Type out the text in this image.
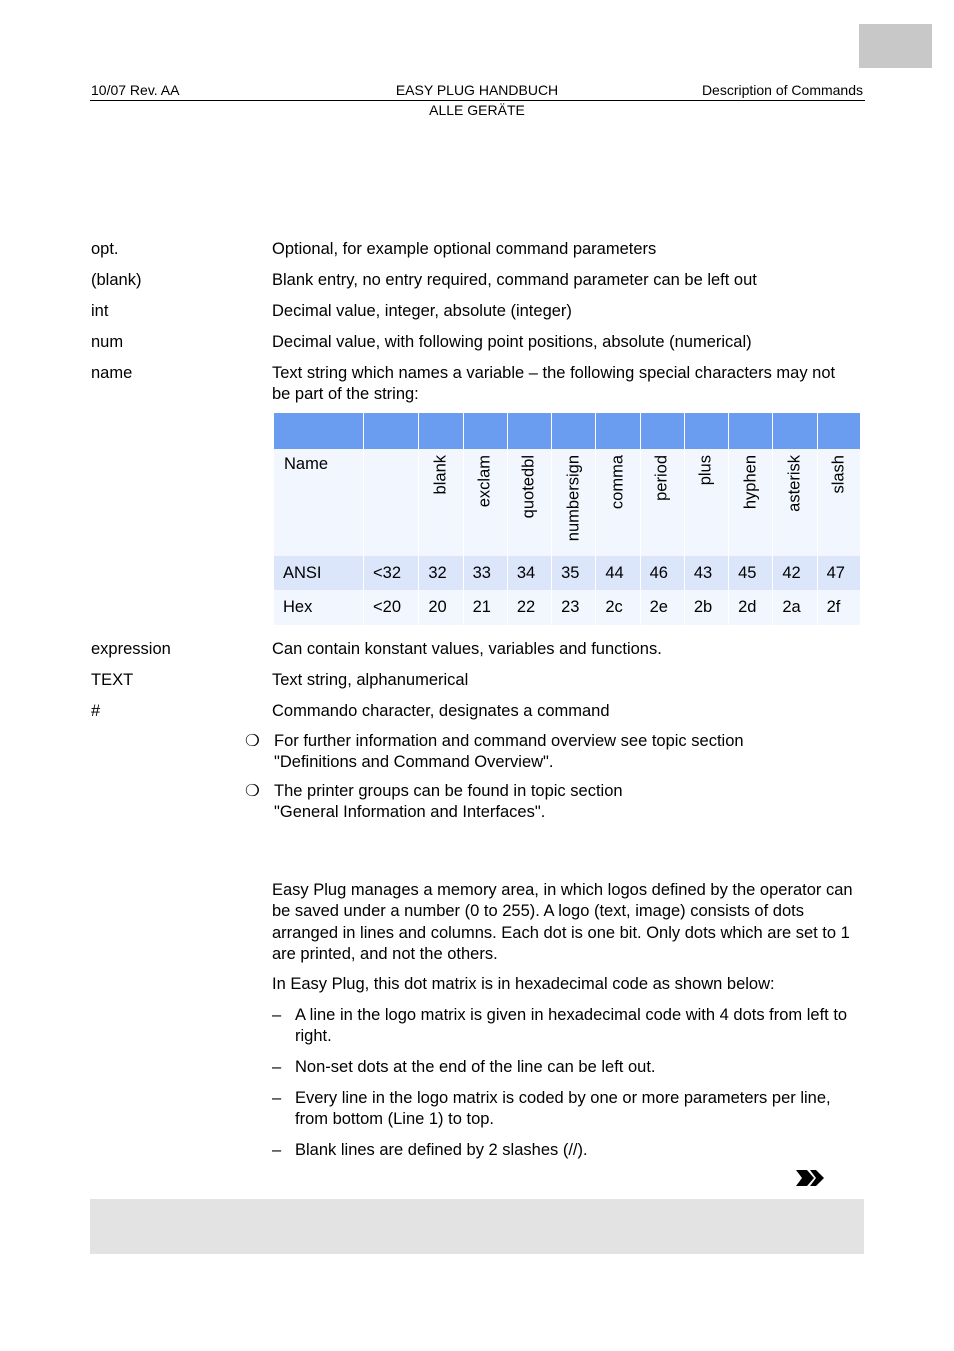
10/07 Rev. AA	EASY PLUG HANDBUCH	Description of Commands
ALLE GERÄTE
opt.	Optional, for example optional command parameters
(blank)	Blank entry, no entry required, command parameter can be left out
int	Decimal value, integer, absolute (integer)
num	Decimal value, with following point positions, absolute (numerical)
name	Text string which names a variable – the following special characters may not be part of the string:

Name		blank	exclam	quotedbl	numbersign	comma	period	plus	hyphen	asterisk	slash

ANSI	<32	32	33	34	35	44	46	43	45	42	47
Hex	<20	20	21	22	23	2c	2e	2b	2d	2a	2f
expression	Can contain konstant values, variables and functions.
TEXT	Text string, alphanumerical
#	Commando character, designates a command
❍ For further information and command overview see topic section
"Definitions and Command Overview".
❍ The printer groups can be found in topic section
"General Information and Interfaces".
Easy Plug manages a memory area, in which logos defined by the operator can be saved under a number (0 to 255). A logo (text, image) consists of dots arranged in lines and columns. Each dot is one bit. Only dots which are set to 1 are printed, and not the others.
In Easy Plug, this dot matrix is in hexadecimal code as shown below:
– A line in the logo matrix is given in hexadecimal code with 4 dots from left to right.
– Non-set dots at the end of the line can be left out.
– Every line in the logo matrix is coded by one or more parameters per line, from bottom (Line 1) to top.
– Blank lines are defined by 2 slashes (//).
